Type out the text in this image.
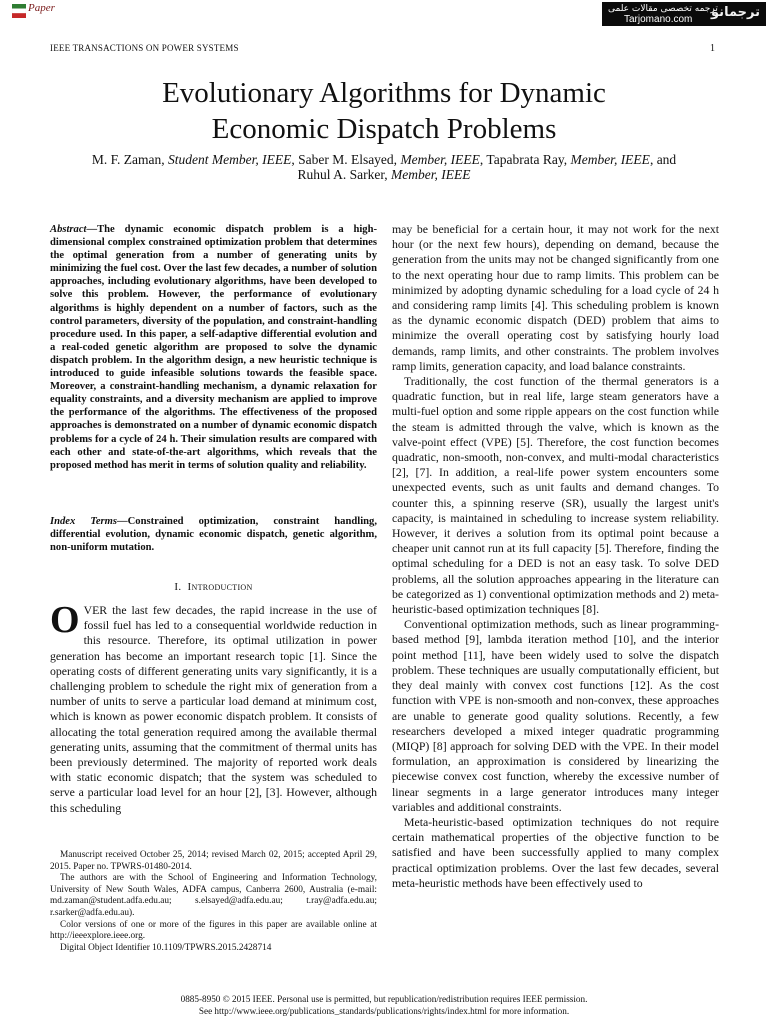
Paper	ترجمه تخصصی مقالات علمی
Tarjomano.com ترجمانو
IEEE TRANSACTIONS ON POWER SYSTEMS	1
Evolutionary Algorithms for Dynamic
Economic Dispatch Problems
M. F. Zaman, Student Member, IEEE, Saber M. Elsayed, Member, IEEE, Tapabrata Ray, Member, IEEE, and
Ruhul A. Sarker, Member, IEEE
Abstract—The dynamic economic dispatch problem is a high-dimensional complex constrained optimization problem that determines the optimal generation from a number of generating units by minimizing the fuel cost. Over the last few decades, a number of solution approaches, including evolutionary algorithms, have been developed to solve this problem. However, the performance of evolutionary algorithms is highly dependent on a number of factors, such as the control parameters, diversity of the population, and constraint-handling procedure used. In this paper, a self-adaptive differential evolution and a real-coded genetic algorithm are proposed to solve the dynamic dispatch problem. In the algorithm design, a new heuristic technique is introduced to guide infeasible solutions towards the feasible space. Moreover, a constraint-handling mechanism, a dynamic relaxation for equality constraints, and a diversity mechanism are applied to improve the performance of the algorithms. The effectiveness of the proposed approaches is demonstrated on a number of dynamic economic dispatch problems for a cycle of 24 h. Their simulation results are compared with each other and state-of-the-art algorithms, which reveals that the proposed method has merit in terms of solution quality and reliability.
Index Terms—Constrained optimization, constraint handling, differential evolution, dynamic economic dispatch, genetic algorithm, non-uniform mutation.
I. Introduction
OVER the last few decades, the rapid increase in the use of fossil fuel has led to a consequential worldwide reduction in this resource. Therefore, its optimal utilization in power generation has become an important research topic [1]. Since the operating costs of different generating units vary significantly, it is a challenging problem to schedule the right mix of generation from a number of units to serve a particular load demand at minimum cost, which is known as power economic dispatch problem. It consists of allocating the total generation required among the available thermal generating units, assuming that the commitment of thermal units has been previously determined. The majority of reported work deals with static economic dispatch; that the system was scheduled to serve a particular load level for an hour [2], [3]. However, although this scheduling

Manuscript received October 25, 2014; revised March 02, 2015; accepted April 29, 2015. Paper no. TPWRS-01480-2014.

The authors are with the School of Engineering and Information Technology, University of New South Wales, ADFA campus, Canberra 2600, Australia (e-mail: md.zaman@student.adfa.edu.au; s.elsayed@adfa.edu.au; t.ray@adfa.edu.au; r.sarker@adfa.edu.au).

Color versions of one or more of the figures in this paper are available online at http://ieeexplore.ieee.org.

Digital Object Identifier 10.1109/TPWRS.2015.2428714

may be beneficial for a certain hour, it may not work for the next hour (or the next few hours), depending on demand, because the generation from the units may not be changed significantly from one to the next operating hour due to ramp limits. This problem can be minimized by adopting dynamic scheduling for a load cycle of 24 h and considering ramp limits [4]. This scheduling problem is known as the dynamic economic dispatch (DED) problem that aims to minimize the overall operating cost by satisfying hourly load demands, ramp limits, and other constraints. The problem involves ramp limits, generation capacity, and load balance constraints.

Traditionally, the cost function of the thermal generators is a quadratic function, but in real life, large steam generators have a multi-fuel option and some ripple appears on the cost function while the steam is admitted through the valve, which is known as the valve-point effect (VPE) [5]. Therefore, the cost function becomes quadratic, non-smooth, non-convex, and multi-modal characteristics [2], [7]. In addition, a real-life power system encounters some unexpected events, such as unit faults and demand changes. To counter this, a spinning reserve (SR), usually the largest unit's capacity, is maintained in scheduling to increase system reliability. However, it derives a solution from its optimal point because a cheaper unit cannot run at its full capacity [5]. Therefore, finding the optimal scheduling for a DED is not an easy task. To solve DED problems, all the solution approaches appearing in the literature can be categorized as 1) conventional optimization methods and 2) meta-heuristic-based optimization techniques [8].

Conventional optimization methods, such as linear programming-based method [9], lambda iteration method [10], and the interior point method [11], have been widely used to solve the dispatch problem. These techniques are usually computationally efficient, but they deal mainly with convex cost functions [12]. As the cost function with VPE is non-smooth and non-convex, these approaches are unable to generate good quality solutions. Recently, a few researchers developed a mixed integer quadratic programming (MIQP) [8] approach for solving DED with the VPE. In their model formulation, an approximation is considered by linearizing the piecewise convex cost function, whereby the excessive number of linear segments in a large generator introduces many integer variables and additional constraints.

Meta-heuristic-based optimization techniques do not require certain mathematical properties of the objective function to be satisfied and have been successfully applied to many complex practical optimization problems. Over the last few decades, several meta-heuristic methods have been effectively used to

0885-8950 © 2015 IEEE. Personal use is permitted, but republication/redistribution requires IEEE permission.
See http://www.ieee.org/publications_standards/publications/rights/index.html for more information.
